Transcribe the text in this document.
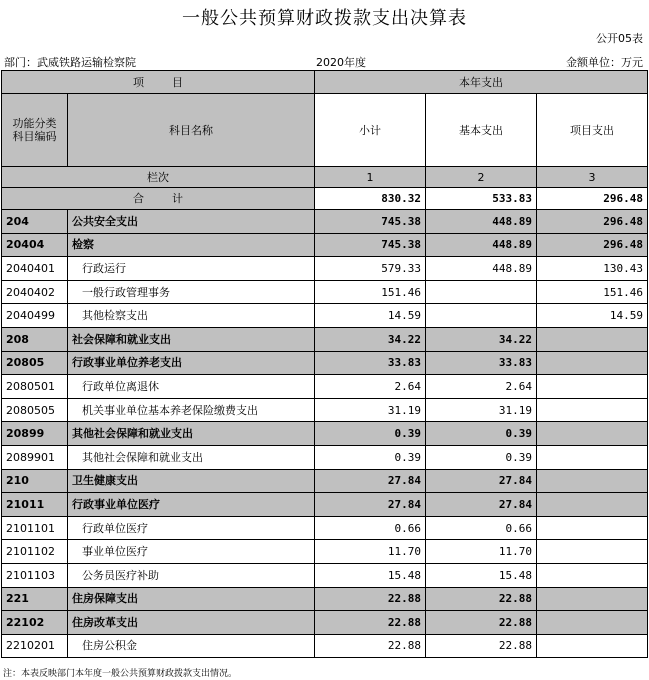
一般公共预算财政拨款支出决算表
公开05表
部门：武威铁路运输检察院	2020年度	金额单位：万元
项        目		本年支出		
功能分类
科目编码	科目名称	小计	基本支出	项目支出
栏次		1	2	3
合        计		830.32	533.83	296.48
204	公共安全支出	745.38	448.89	296.48
20404	检察	745.38	448.89	296.48
2040401	行政运行	579.33	448.89	130.43
2040402	一般行政管理事务	151.46		151.46
2040499	其他检察支出	14.59		14.59
208	社会保障和就业支出	34.22	34.22	
20805	行政事业单位养老支出	33.83	33.83	
2080501	行政单位离退休	2.64	2.64	
2080505	机关事业单位基本养老保险缴费支出	31.19	31.19	
20899	其他社会保障和就业支出	0.39	0.39	
2089901	其他社会保障和就业支出	0.39	0.39	
210	卫生健康支出	27.84	27.84	
21011	行政事业单位医疗	27.84	27.84	
2101101	行政单位医疗	0.66	0.66	
2101102	事业单位医疗	11.70	11.70	
2101103	公务员医疗补助	15.48	15.48	
221	住房保障支出	22.88	22.88	
22102	住房改革支出	22.88	22.88	
2210201	住房公积金	22.88	22.88	
注：本表反映部门本年度一般公共预算财政拨款支出情况。
